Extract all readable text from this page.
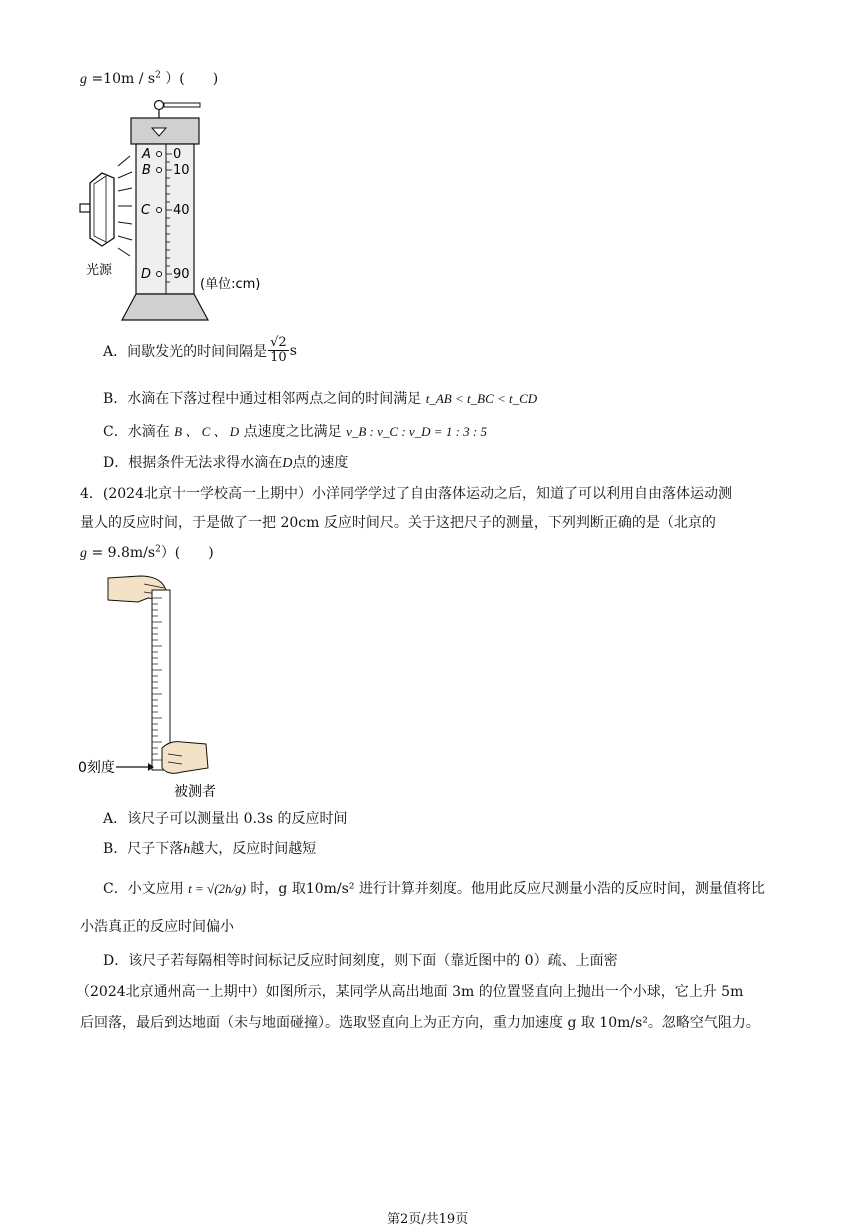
$g =10m / s^2$ ）(　　)
A
B
C
D
0
10
40
90
光源
(单位:cm)
A． 间歇发光的时间间隔是 $\frac{√2}{10}$ s
B．水滴在下落过程中通过相邻两点之间的时间满足 t_AB < t_BC < t_CD
C．水滴在 B 、 C 、 D 点速度之比满足 v_B : v_C : v_D = 1 : 3 : 5
D．根据条件无法求得水滴在D点的速度
4．(2024北京十一学校高一上期中）小洋同学学过了自由落体运动之后，知道了可以利用自由落体运动测
量人的反应时间，于是做了一把 20cm 反应时间尺。关于这把尺子的测量，下列判断正确的是（北京的
$g = 9.8m/s^2$）(　　)
0刻度
被测者
A．该尺子可以测量出 0.3s 的反应时间
B．尺子下落h越大，反应时间越短
C．小文应用 t = √(2h/g) 时，g 取10m/s² 进行计算并刻度。他用此反应尺测量小浩的反应时间，测量值将比
小浩真正的反应时间偏小
D．该尺子若每隔相等时间标记反应时间刻度，则下面（靠近图中的 0）疏、上面密
（2024北京通州高一上期中）如图所示，某同学从高出地面 3m 的位置竖直向上抛出一个小球，它上升 5m
后回落，最后到达地面（未与地面碰撞）。选取竖直向上为正方向，重力加速度 g 取 10m/s²。忽略空气阻力。
第2页/共19页
